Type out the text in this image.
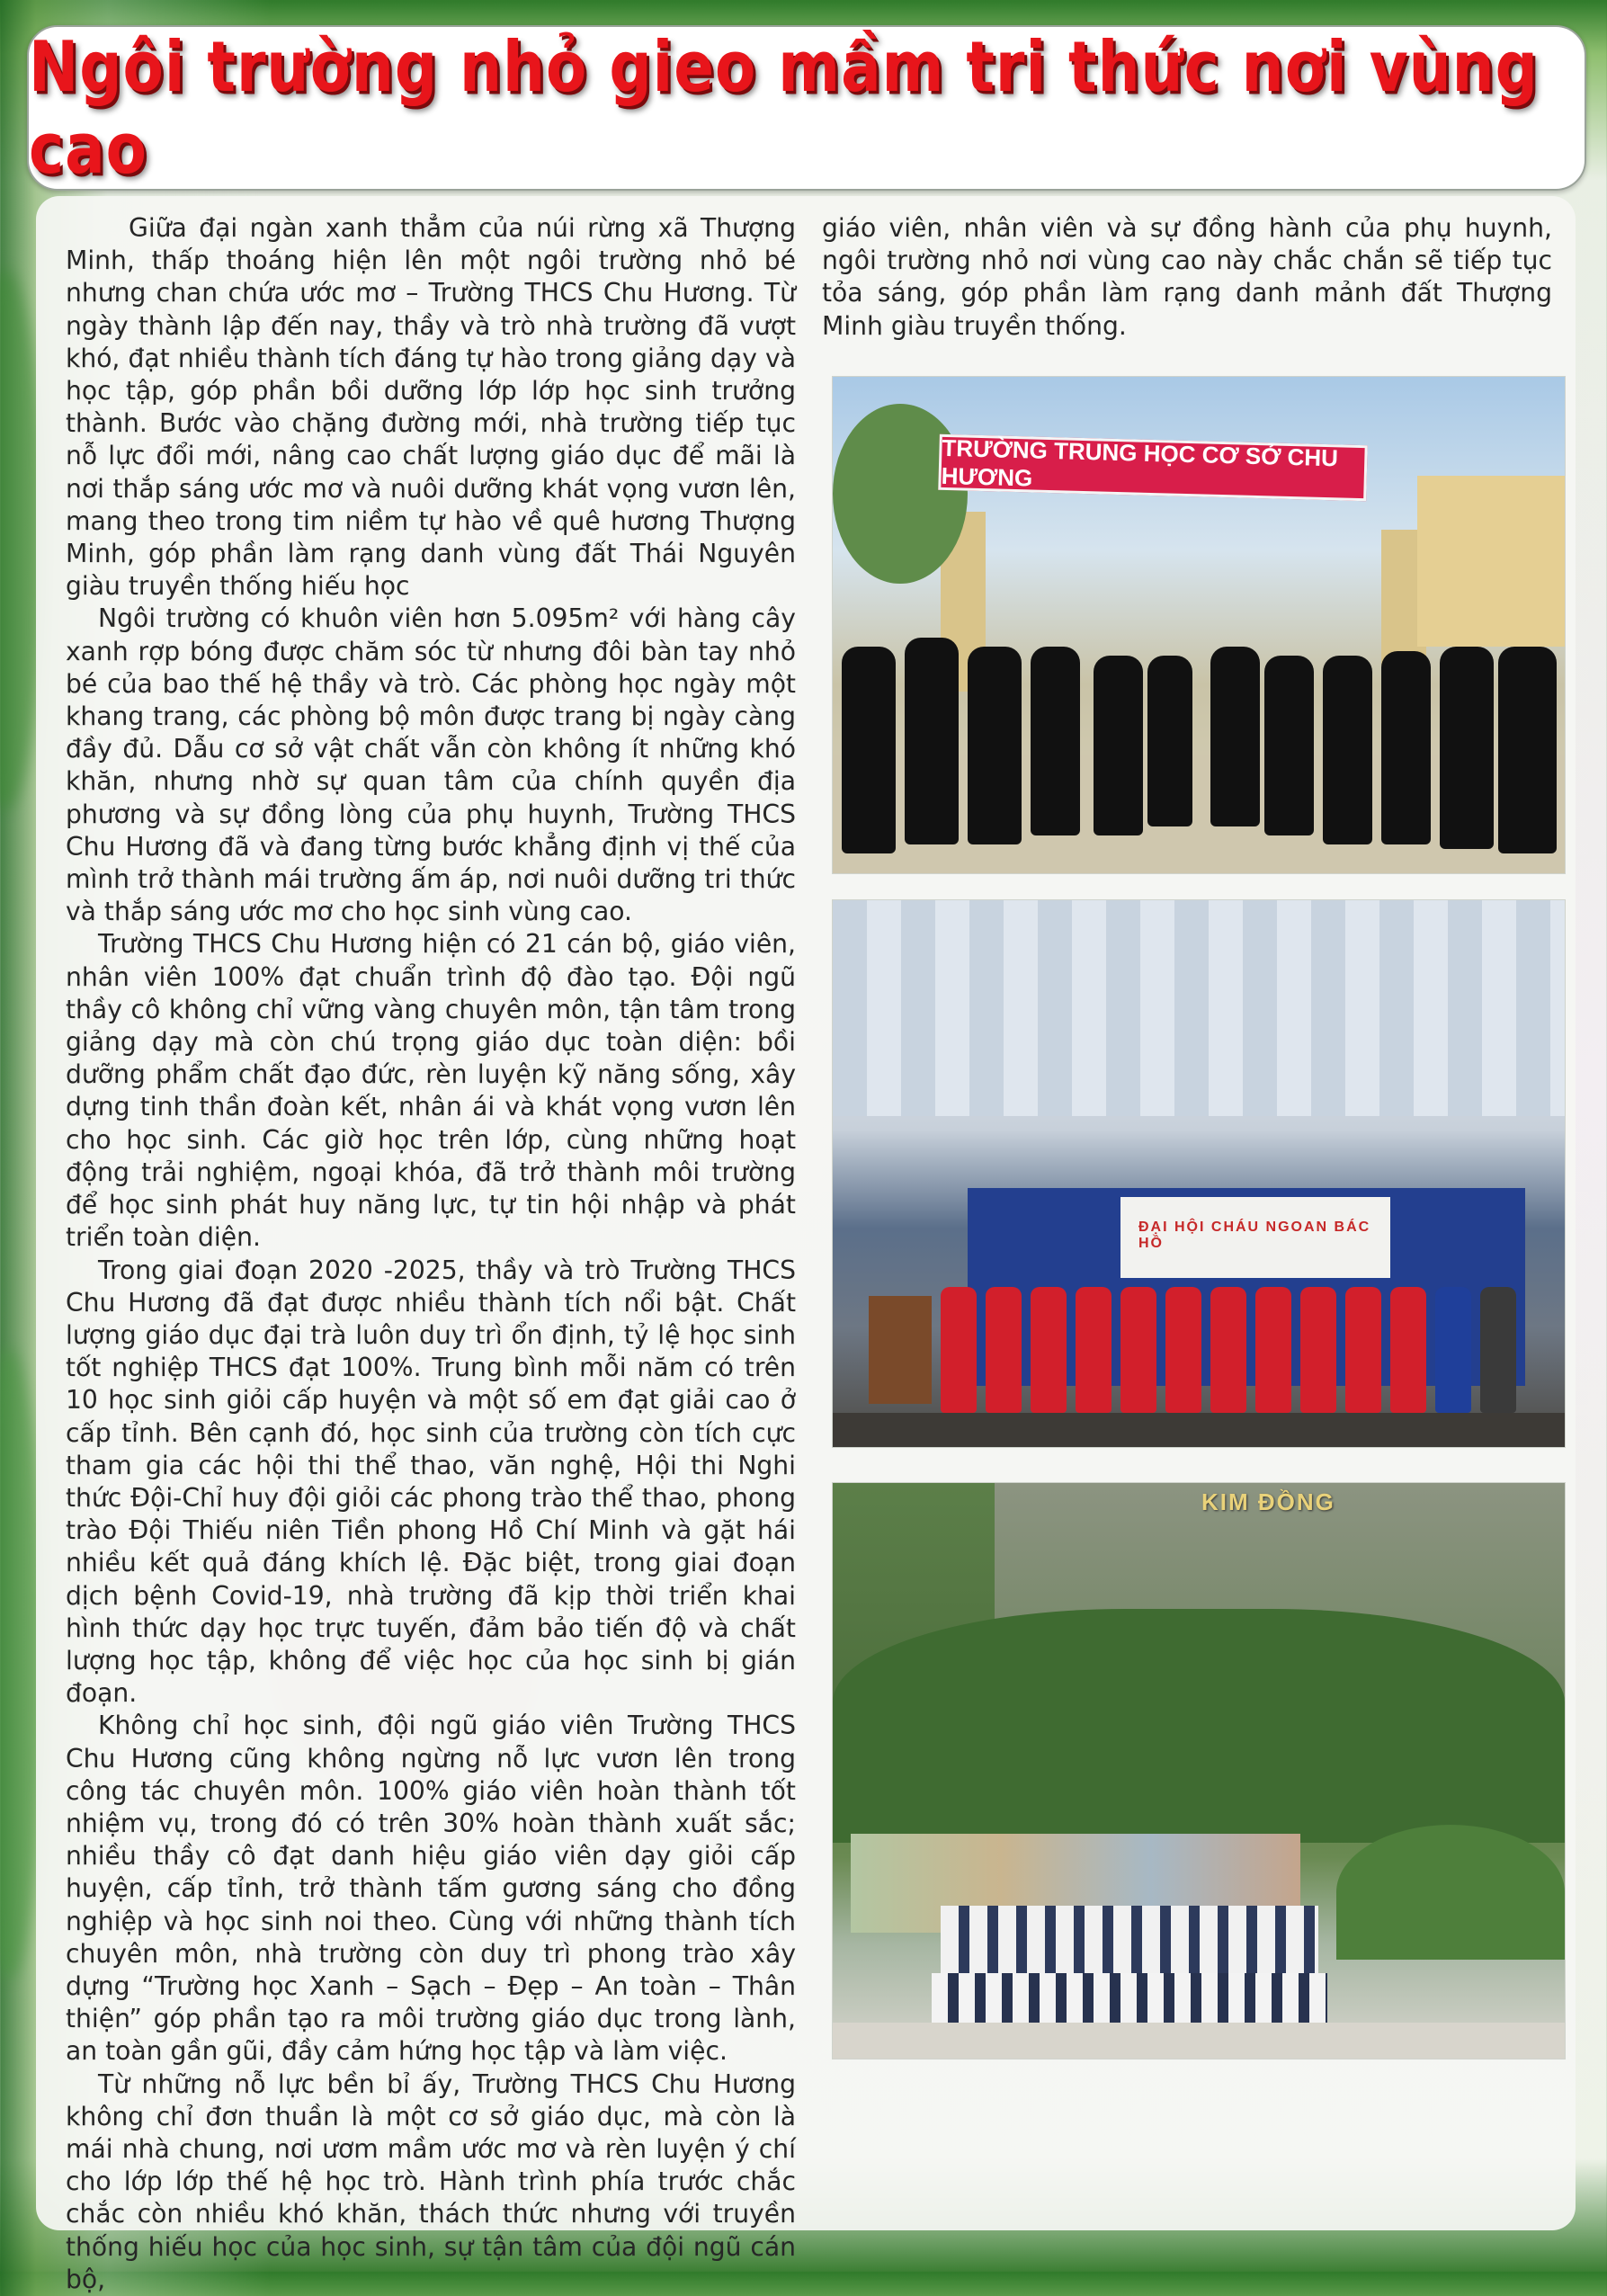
Ngôi trường nhỏ gieo mầm tri thức nơi vùng cao

Giữa đại ngàn xanh thẳm của núi rừng xã Thượng Minh, thấp thoáng hiện lên một ngôi trường nhỏ bé nhưng chan chứa ước mơ – Trường THCS Chu Hương. Từ ngày thành lập đến nay, thầy và trò nhà trường đã vượt khó, đạt nhiều thành tích đáng tự hào trong giảng dạy và học tập, góp phần bồi dưỡng lớp lớp học sinh trưởng thành. Bước vào chặng đường mới, nhà trường tiếp tục nỗ lực đổi mới, nâng cao chất lượng giáo dục để mãi là nơi thắp sáng ước mơ và nuôi dưỡng khát vọng vươn lên, mang theo trong tim niềm tự hào về quê hương Thượng Minh, góp phần làm rạng danh vùng đất Thái Nguyên giàu truyền thống hiếu học

Ngôi trường có khuôn viên hơn 5.095m² với hàng cây xanh rợp bóng được chăm sóc từ nhưng đôi bàn tay nhỏ bé của bao thế hệ thầy và trò. Các phòng học ngày một khang trang, các phòng bộ môn được trang bị ngày càng đầy đủ. Dẫu cơ sở vật chất vẫn còn không ít những khó khăn, nhưng nhờ sự quan tâm của chính quyền địa phương và sự đồng lòng của phụ huynh, Trường THCS Chu Hương đã và đang từng bước khẳng định vị thế của mình trở thành mái trường ấm áp, nơi nuôi dưỡng tri thức và thắp sáng ước mơ cho học sinh vùng cao.

Trường THCS Chu Hương hiện có 21 cán bộ, giáo viên, nhân viên 100% đạt chuẩn trình độ đào tạo. Đội ngũ thầy cô không chỉ vững vàng chuyên môn, tận tâm trong giảng dạy mà còn chú trọng giáo dục toàn diện: bồi dưỡng phẩm chất đạo đức, rèn luyện kỹ năng sống, xây dựng tinh thần đoàn kết, nhân ái và khát vọng vươn lên cho học sinh. Các giờ học trên lớp, cùng những hoạt động trải nghiệm, ngoại khóa, đã trở thành môi trường để học sinh phát huy năng lực, tự tin hội nhập và phát triển toàn diện.

Trong giai đoạn 2020 -2025, thầy và trò Trường THCS Chu Hương đã đạt được nhiều thành tích nổi bật. Chất lượng giáo dục đại trà luôn duy trì ổn định, tỷ lệ học sinh tốt nghiệp THCS đạt 100%. Trung bình mỗi năm có trên 10 học sinh giỏi cấp huyện và một số em đạt giải cao ở cấp tỉnh. Bên cạnh đó, học sinh của trường còn tích cực tham gia các hội thi thể thao, văn nghệ, Hội thi Nghi thức Đội-Chỉ huy đội giỏi các phong trào thể thao, phong trào Đội Thiếu niên Tiền phong Hồ Chí Minh và gặt hái nhiều kết quả đáng khích lệ. Đặc biệt, trong giai đoạn dịch bệnh Covid-19, nhà trường đã kịp thời triển khai hình thức dạy học trực tuyến, đảm bảo tiến độ và chất lượng học tập, không để việc học của học sinh bị gián đoạn.

Không chỉ học sinh, đội ngũ giáo viên Trường THCS Chu Hương cũng không ngừng nỗ lực vươn lên trong công tác chuyên môn. 100% giáo viên hoàn thành tốt nhiệm vụ, trong đó có trên 30% hoàn thành xuất sắc; nhiều thầy cô đạt danh hiệu giáo viên dạy giỏi cấp huyện, cấp tỉnh, trở thành tấm gương sáng cho đồng nghiệp và học sinh noi theo. Cùng với những thành tích chuyên môn, nhà trường còn duy trì phong trào xây dựng “Trường học Xanh – Sạch – Đẹp – An toàn – Thân thiện” góp phần tạo ra môi trường giáo dục trong lành, an toàn gần gũi, đầy cảm hứng học tập và làm việc.

Từ những nỗ lực bền bỉ ấy, Trường THCS Chu Hương không chỉ đơn thuần là một cơ sở giáo dục, mà còn là mái nhà chung, nơi ươm mầm ước mơ và rèn luyện ý chí cho lớp lớp thế hệ học trò. Hành trình phía trước chắc chắc còn nhiều khó khăn, thách thức nhưng với truyền thống hiếu học của học sinh, sự tận tâm của đội ngũ cán bộ,

giáo viên, nhân viên và sự đồng hành của phụ huynh, ngôi trường nhỏ nơi vùng cao này chắc chắn sẽ tiếp tục tỏa sáng, góp phần làm rạng danh mảnh đất Thượng Minh giàu truyền thống.

TRƯỜNG TRUNG HỌC CƠ SỞ CHU HƯƠNG
ĐẠI HỘI CHÁU NGOAN BÁC HỒ
KIM ĐỒNG
